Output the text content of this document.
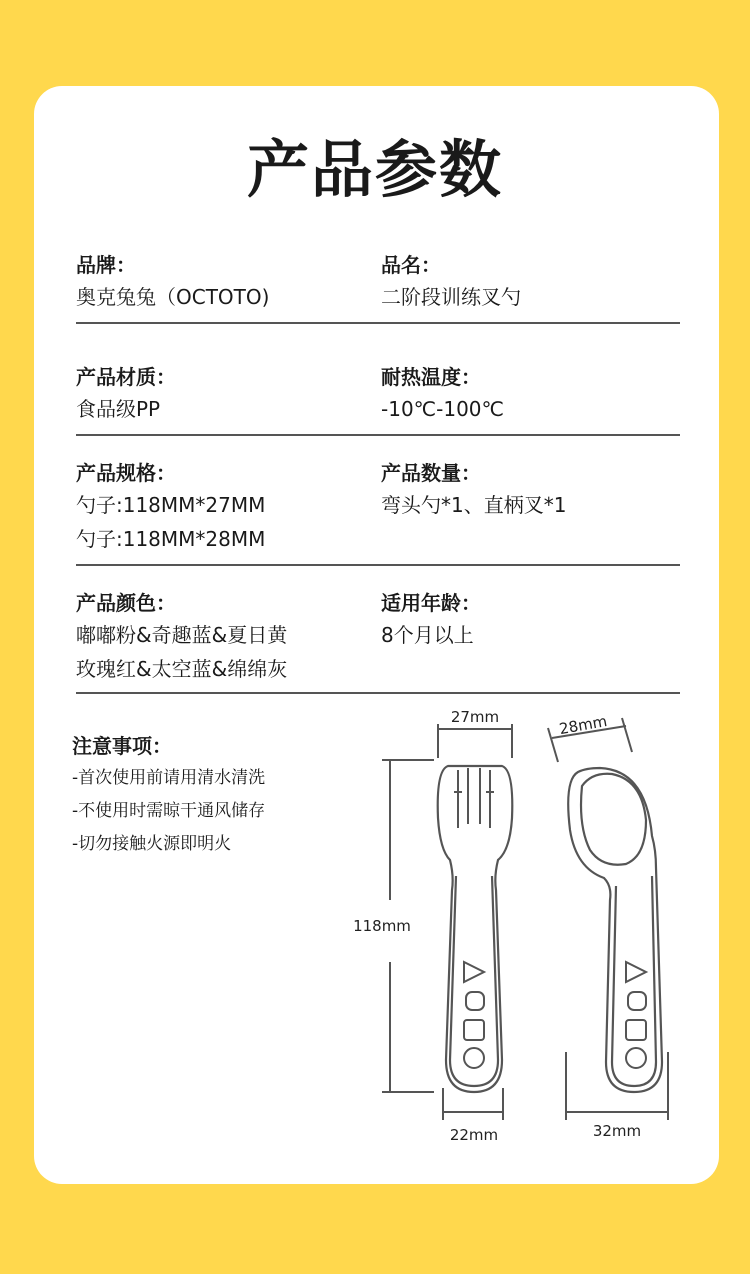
产品参数
品牌：
奥克兔兔（OCTOTO)
品名：
二阶段训练叉勺
产品材质：
食品级PP
耐热温度：
-10℃-100℃
产品规格：
勺子:118MM*27MM
勺子:118MM*28MM
产品数量：
弯头勺*1、直柄叉*1
产品颜色：
嘟嘟粉&奇趣蓝&夏日黄
玫瑰红&太空蓝&绵绵灰
适用年龄：
8个月以上
注意事项：
-首次使用前请用清水清洗
-不使用时需晾干通风储存
-切勿接触火源即明火
27mm	28mm
118mm
22mm	32mm
